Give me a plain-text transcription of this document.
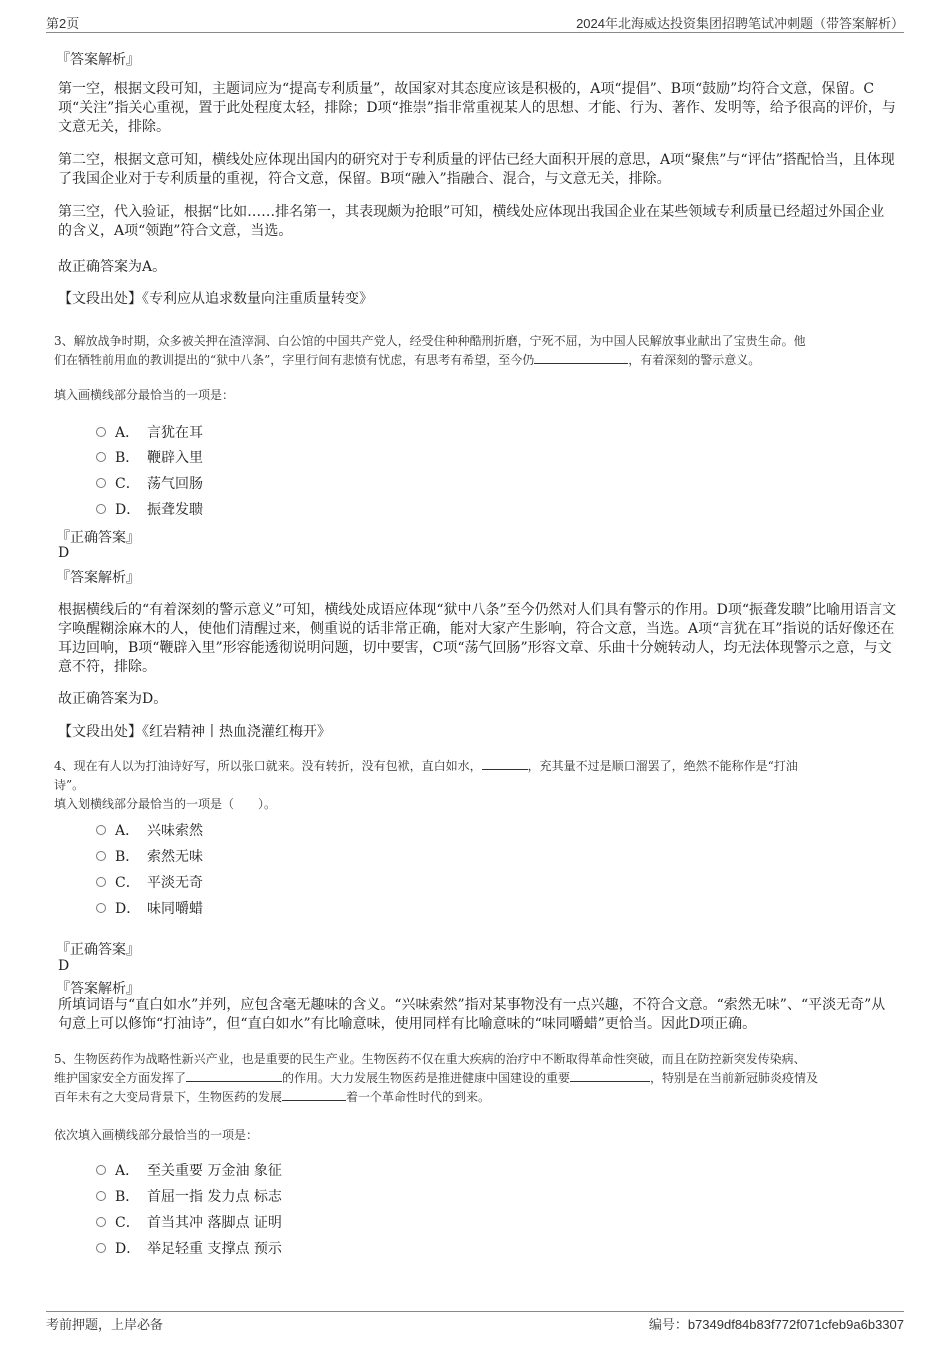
第2页	2024年北海威达投资集团招聘笔试冲刺题（带答案解析）
『答案解析』
第一空，根据文段可知，主题词应为“提高专利质量”，故国家对其态度应该是积极的，A项“提倡”、B项“鼓励”均符合文意，保留。C项“关注”指关心重视，置于此处程度太轻，排除；D项“推崇”指非常重视某人的思想、才能、行为、著作、发明等，给予很高的评价，与文意无关，排除。
第二空，根据文意可知，横线处应体现出国内的研究对于专利质量的评估已经大面积开展的意思，A项“聚焦”与“评估”搭配恰当，且体现了我国企业对于专利质量的重视，符合文意，保留。B项“融入”指融合、混合，与文意无关，排除。
第三空，代入验证，根据“比如……排名第一，其表现颇为抢眼”可知，横线处应体现出我国企业在某些领域专利质量已经超过外国企业的含义，A项“领跑”符合文意，当选。
故正确答案为A。
【文段出处】《专利应从追求数量向注重质量转变》
3、解放战争时期，众多被关押在渣滓洞、白公馆的中国共产党人，经受住种种酷刑折磨，宁死不屈，为中国人民解放事业献出了宝贵生命。他
们在牺牲前用血的教训提出的“狱中八条”，字里行间有悲愤有忧虑，有思考有希望，至今仍	，有着深刻的警示意义。
填入画横线部分最恰当的一项是：
A． 言犹在耳
B． 鞭辟入里
C． 荡气回肠
D． 振聋发聩
『正确答案』
D
『答案解析』
根据横线后的“有着深刻的警示意义”可知，横线处成语应体现“狱中八条”至今仍然对人们具有警示的作用。D项“振聋发聩”比喻用语言文字唤醒糊涂麻木的人，使他们清醒过来，侧重说的话非常正确，能对大家产生影响，符合文意，当选。A项“言犹在耳”指说的话好像还在耳边回响，B项“鞭辟入里”形容能透彻说明问题，切中要害，C项“荡气回肠”形容文章、乐曲十分婉转动人，均无法体现警示之意，与文意不符，排除。
故正确答案为D。
【文段出处】《红岩精神丨热血浇灌红梅开》
4、现在有人以为打油诗好写，所以张口就来。没有转折，没有包袱，直白如水，	，充其量不过是顺口溜罢了，绝然不能称作是“打油
诗”。
填入划横线部分最恰当的一项是（　　）。
A． 兴味索然
B． 索然无味
C． 平淡无奇
D． 味同嚼蜡
『正确答案』
D
『答案解析』
所填词语与“直白如水”并列，应包含毫无趣味的含义。“兴味索然”指对某事物没有一点兴趣，不符合文意。“索然无味”、“平淡无奇”从句意上可以修饰“打油诗”，但“直白如水”有比喻意味，使用同样有比喻意味的“味同嚼蜡”更恰当。因此D项正确。
5、生物医药作为战略性新兴产业，也是重要的民生产业。生物医药不仅在重大疾病的治疗中不断取得革命性突破，而且在防控新突发传染病、
维护国家安全方面发挥了	的作用。大力发展生物医药是推进健康中国建设的重要	，特别是在当前新冠肺炎疫情及
百年未有之大变局背景下，生物医药的发展	着一个革命性时代的到来。
依次填入画横线部分最恰当的一项是：
A． 至关重要 万金油 象征
B． 首屈一指 发力点 标志
C． 首当其冲 落脚点 证明
D． 举足轻重 支撑点 预示
考前押题，上岸必备	编号：b7349df84b83f772f071cfeb9a6b3307
